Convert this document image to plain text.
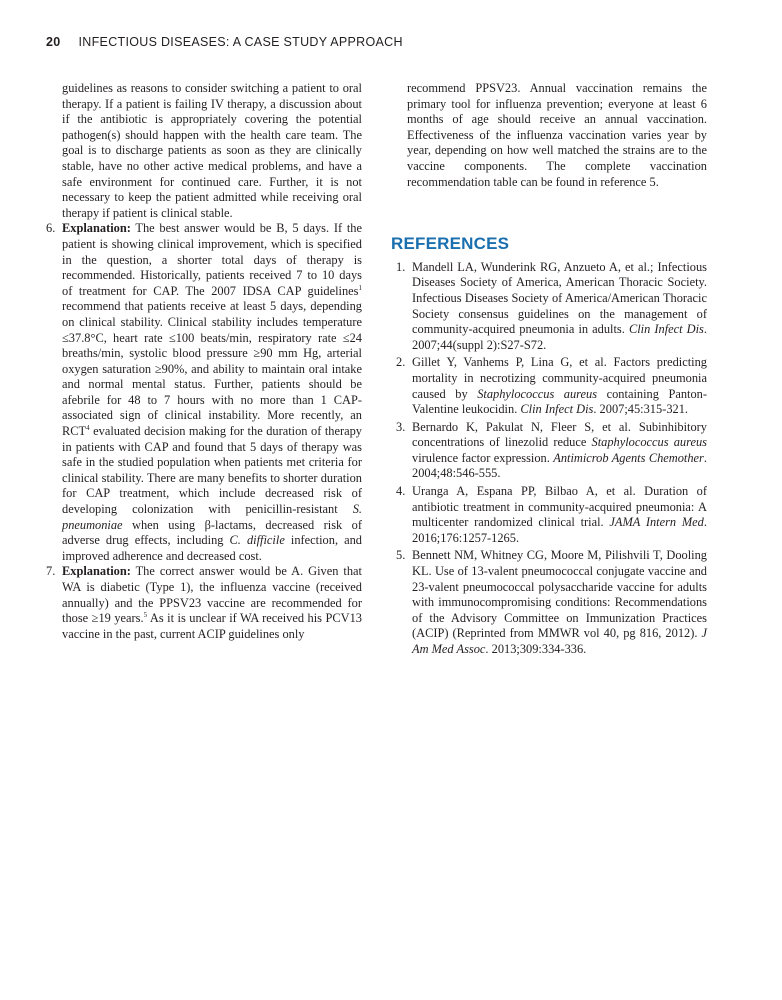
20 INFECTIOUS DISEASES: A CASE STUDY APPROACH

guidelines as reasons to consider switching a patient to oral therapy. If a patient is failing IV therapy, a discussion about if the antibiotic is appropriately covering the potential pathogen(s) should happen with the health care team. The goal is to discharge patients as soon as they are clinically stable, have no other active medical problems, and have a safe environment for continued care. Further, it is not necessary to keep the patient admitted while receiving oral therapy if patient is clinical stable.

6. Explanation: The best answer would be B, 5 days. If the patient is showing clinical improvement, which is specified in the question, a shorter total days of therapy is recommended. Historically, patients received 7 to 10 days of treatment for CAP. The 2007 IDSA CAP guidelines$^1$ recommend that patients receive at least 5 days, depending on clinical stability. Clinical stability includes temperature ≤37.8°C, heart rate ≤100 beats/min, respiratory rate ≤24 breaths/min, systolic blood pressure ≥90 mm Hg, arterial oxygen saturation ≥90%, and ability to maintain oral intake and normal mental status. Further, patients should be afebrile for 48 to 7 hours with no more than 1 CAP-associated sign of clinical instability. More recently, an RCT$^4$ evaluated decision making for the duration of therapy in patients with CAP and found that 5 days of therapy was safe in the studied population when patients met criteria for clinical stability. There are many benefits to shorter duration for CAP treatment, which include decreased risk of developing colonization with penicillin-resistant S. pneumoniae when using β-lactams, decreased risk of adverse drug effects, including C. difficile infection, and improved adherence and decreased cost.

7. Explanation: The correct answer would be A. Given that WA is diabetic (Type 1), the influenza vaccine (received annually) and the PPSV23 vaccine are recommended for those ≥19 years.$^5$ As it is unclear if WA received his PCV13 vaccine in the past, current ACIP guidelines only

recommend PPSV23. Annual vaccination remains the primary tool for influenza prevention; everyone at least 6 months of age should receive an annual vaccination. Effectiveness of the influenza vaccination varies year by year, depending on how well matched the strains are to the vaccine components. The complete vaccination recommendation table can be found in reference 5.

REFERENCES

1. Mandell LA, Wunderink RG, Anzueto A, et al.; Infectious Diseases Society of America, American Thoracic Society. Infectious Diseases Society of America/American Thoracic Society consensus guidelines on the management of community-acquired pneumonia in adults. Clin Infect Dis. 2007;44(suppl 2):S27-S72.

2. Gillet Y, Vanhems P, Lina G, et al. Factors predicting mortality in necrotizing community-acquired pneumonia caused by Staphylococcus aureus containing Panton-Valentine leukocidin. Clin Infect Dis. 2007;45:315-321.

3. Bernardo K, Pakulat N, Fleer S, et al. Subinhibitory concentrations of linezolid reduce Staphylococcus aureus virulence factor expression. Antimicrob Agents Chemother. 2004;48:546-555.

4. Uranga A, Espana PP, Bilbao A, et al. Duration of antibiotic treatment in community-acquired pneumonia: A multicenter randomized clinical trial. JAMA Intern Med. 2016;176:1257-1265.

5. Bennett NM, Whitney CG, Moore M, Pilishvili T, Dooling KL. Use of 13-valent pneumococcal conjugate vaccine and 23-valent pneumococcal polysaccharide vaccine for adults with immunocompromising conditions: Recommendations of the Advisory Committee on Immunization Practices (ACIP) (Reprinted from MMWR vol 40, pg 816, 2012). J Am Med Assoc. 2013;309:334-336.
